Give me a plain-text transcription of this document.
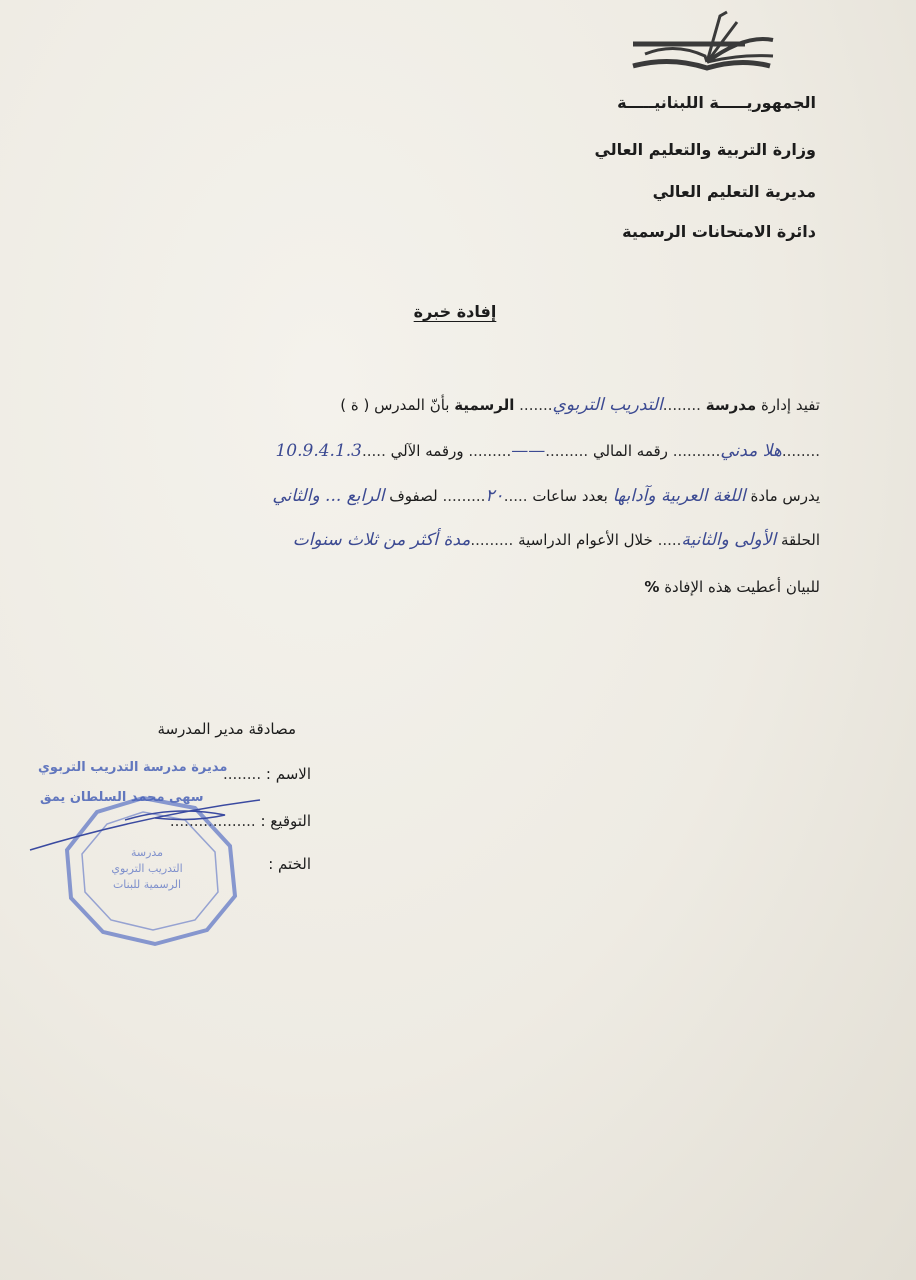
الجمهوريـــــة اللبنانيـــــة
وزارة التربية والتعليم العالي
مديرية التعليم العالي
دائرة الامتحانات الرسمية
إفادة خبرة
تفيد إدارة مدرسة ........التدريب التربوي....... الرسمية بأنّ المدرس ( ة )
........هلا مدني.......... رقمه المالي .........——......... ورقمه الآلي .....10.9.4.1.3
يدرس مادة اللغة العربية وآدابها بعدد ساعات .....٢٠......... لصفوف الرابع ... والثاني
الحلقة الأولى والثانية..... خلال الأعوام الدراسية .........مدة أكثر من ثلاث سنوات
للبيان أعطيت هذه الإفادة %
مصادقة مدير المدرسة
الاسم : ........
التوقيع : ..................
الختم :
مدرسة
التدريب التربوي
الرسمية للبنات
مديرة مدرسة التدريب التربوي
سهى محمد السلطان يمق
